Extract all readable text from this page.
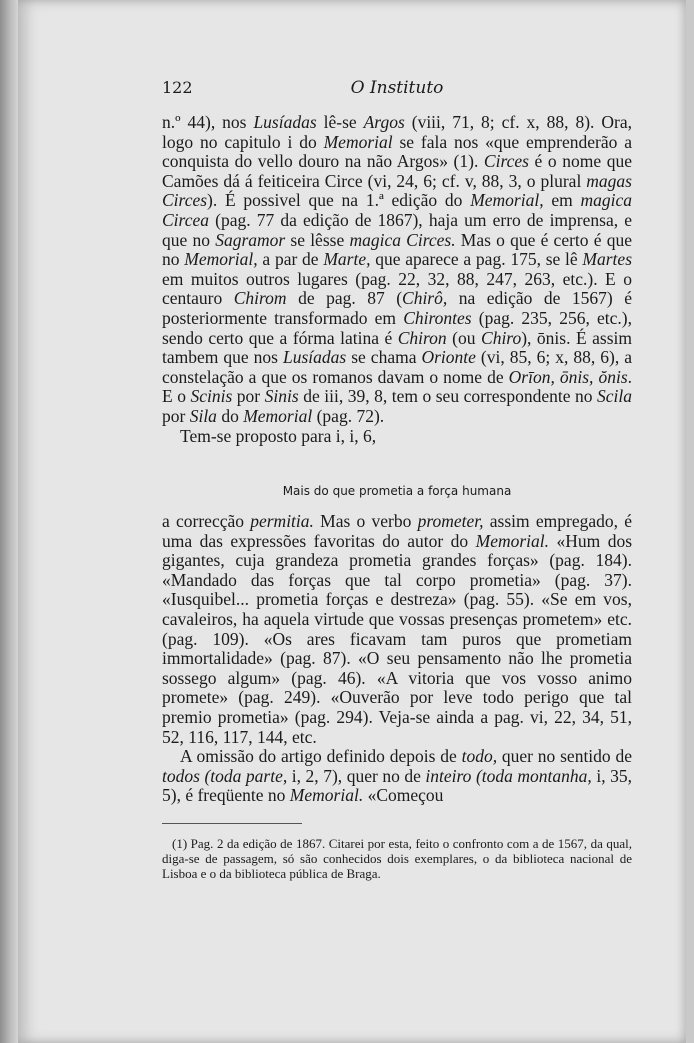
122	O Instituto

n.º 44), nos Lusíadas lê-se Argos (viii, 71, 8; cf. x, 88, 8). Ora, logo no capitulo i do Memorial se fala nos «que emprenderão a conquista do vello douro na não Argos» (1). Circes é o nome que Camões dá á feiticeira Circe (vi, 24, 6; cf. v, 88, 3, o plural magas Circes). É possivel que na 1.ª edição do Memorial, em magica Circea (pag. 77 da edição de 1867), haja um erro de imprensa, e que no Sagramor se lêsse magica Circes. Mas o que é certo é que no Memorial, a par de Marte, que aparece a pag. 175, se lê Martes em muitos outros lugares (pag. 22, 32, 88, 247, 263, etc.). E o centauro Chirom de pag. 87 (Chirô, na edição de 1567) é posteriormente transformado em Chirontes (pag. 235, 256, etc.), sendo certo que a fórma latina é Chiron (ou Chiro), ōnis. É assim tambem que nos Lusíadas se chama Orionte (vi, 85, 6; x, 88, 6), a constelação a que os romanos davam o nome de Orīon, ōnis, ŏnis. E o Scinis por Sinis de iii, 39, 8, tem o seu correspondente no Scila por Sila do Memorial (pag. 72).

Tem-se proposto para i, i, 6,

Mais do que prometia a força humana

a correcção permitia. Mas o verbo prometer, assim empregado, é uma das expressões favoritas do autor do Memorial. «Hum dos gigantes, cuja grandeza prometia grandes forças» (pag. 184). «Mandado das forças que tal corpo prometia» (pag. 37). «Iusquibel... prometia forças e destreza» (pag. 55). «Se em vos, cavaleiros, ha aquela virtude que vossas presenças prometem» etc. (pag. 109). «Os ares ficavam tam puros que prometiam immortalidade» (pag. 87). «O seu pensamento não lhe prometia sossego algum» (pag. 46). «A vitoria que vos vosso animo promete» (pag. 249). «Ouverão por leve todo perigo que tal premio prometia» (pag. 294). Veja-se ainda a pag. vi, 22, 34, 51, 52, 116, 117, 144, etc.

A omissão do artigo definido depois de todo, quer no sentido de todos (toda parte, i, 2, 7), quer no de inteiro (toda montanha, i, 35, 5), é freqüente no Memorial. «Começou

(1) Pag. 2 da edição de 1867. Citarei por esta, feito o confronto com a de 1567, da qual, diga-se de passagem, só são conhecidos dois exemplares, o da biblioteca nacional de Lisboa e o da biblioteca pública de Braga.
